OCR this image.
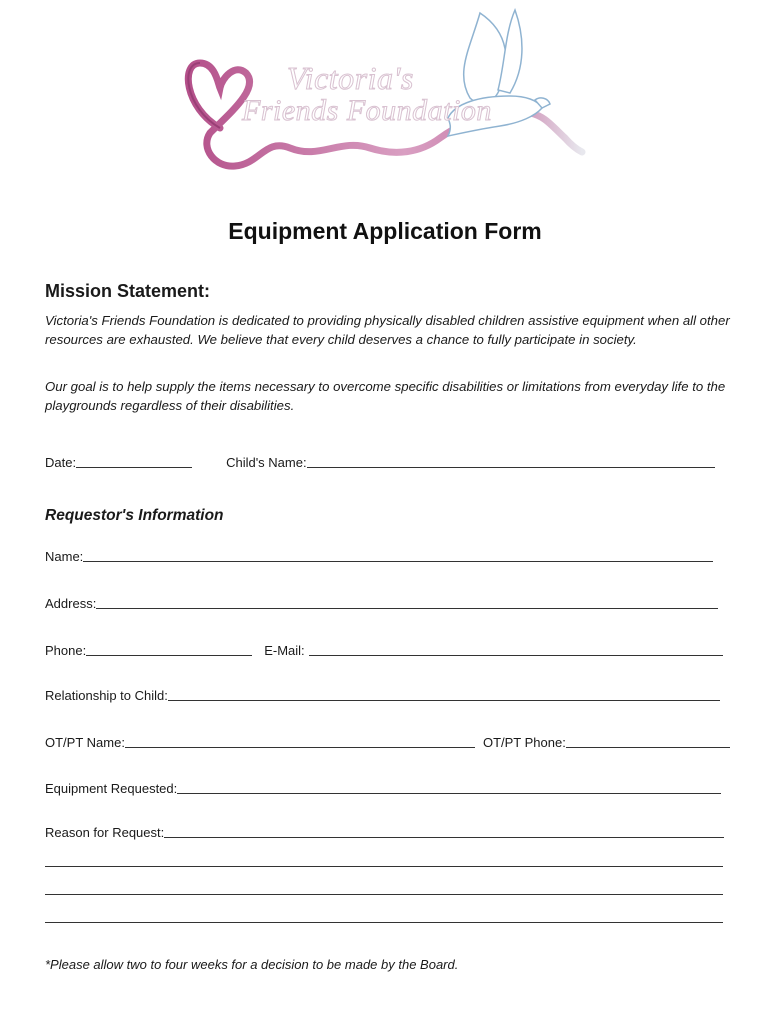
Victoria's
Friends Foundation
Equipment Application Form
Mission Statement:
Victoria's Friends Foundation is dedicated to providing physically disabled children assistive equipment when all other resources are exhausted. We believe that every child deserves a chance to fully participate in society.
Our goal is to help supply the items necessary to overcome specific disabilities or limitations from everyday life to the playgrounds regardless of their disabilities.
Date:	Child's Name:
Requestor's Information
Name:
Address:
Phone:	E-Mail:
Relationship to Child:
OT/PT Name:	OT/PT Phone:
Equipment Requested:
Reason for Request:
*Please allow two to four weeks for a decision to be made by the Board.
